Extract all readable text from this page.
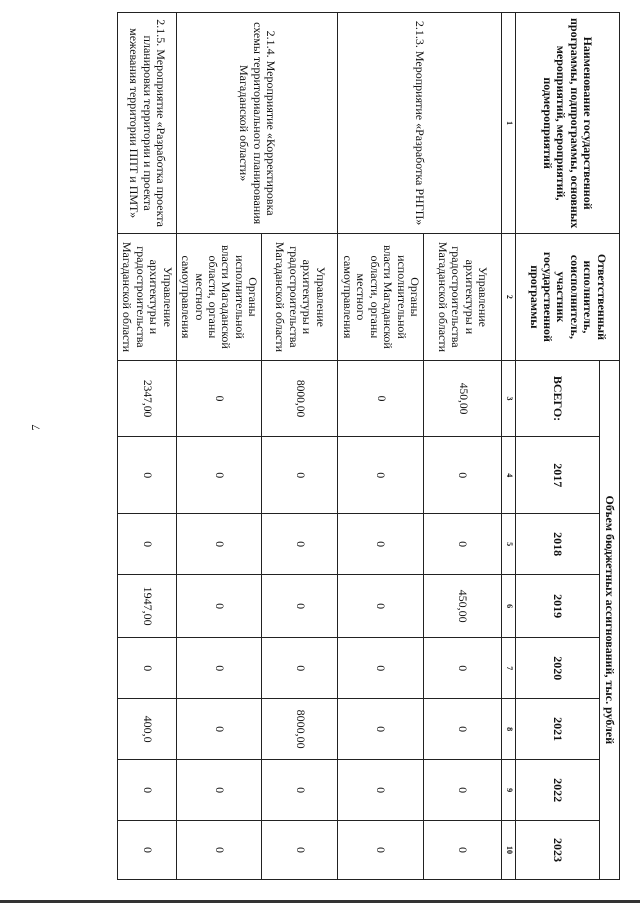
7
Наименование государственной программы, подпрограммы, основных мероприятий, мероприятий, подмероприятий	Ответственный исполнитель, соисполнитель, участник государственной программы	Объем бюджетных ассигнований, тыс. рублей							
		ВСЕГО:	2017	2018	2019	2020	2021	2022	2023
1	2	3	4	5	6	7	8	9	10
2.1.3. Мероприятие «Разработка РНГП»	Управление архитектуры и градостроительства Магаданской области	450,00	0	0	450,00	0	0	0	0
	Органы исполнительной власти Магаданской области, органы местного самоуправления	0	0	0	0	0	0	0	0
2.1.4. Мероприятие «Корректировка схемы территориального планирования Магаданской области»	Управление архитектуры и градостроительства Магаданской области	8000,00	0	0	0	0	8000,00	0	0
	Органы исполнительной власти Магаданской области, органы местного самоуправления	0	0	0	0	0	0	0	0
2.1.5. Мероприятие «Разработка проекта планировки территории и проекта межевания территории ППТ и ПМТ»	Управление архитектуры и градостроительства Магаданской области	2347,00	0	0	1947,00	0	400,0	0	0
